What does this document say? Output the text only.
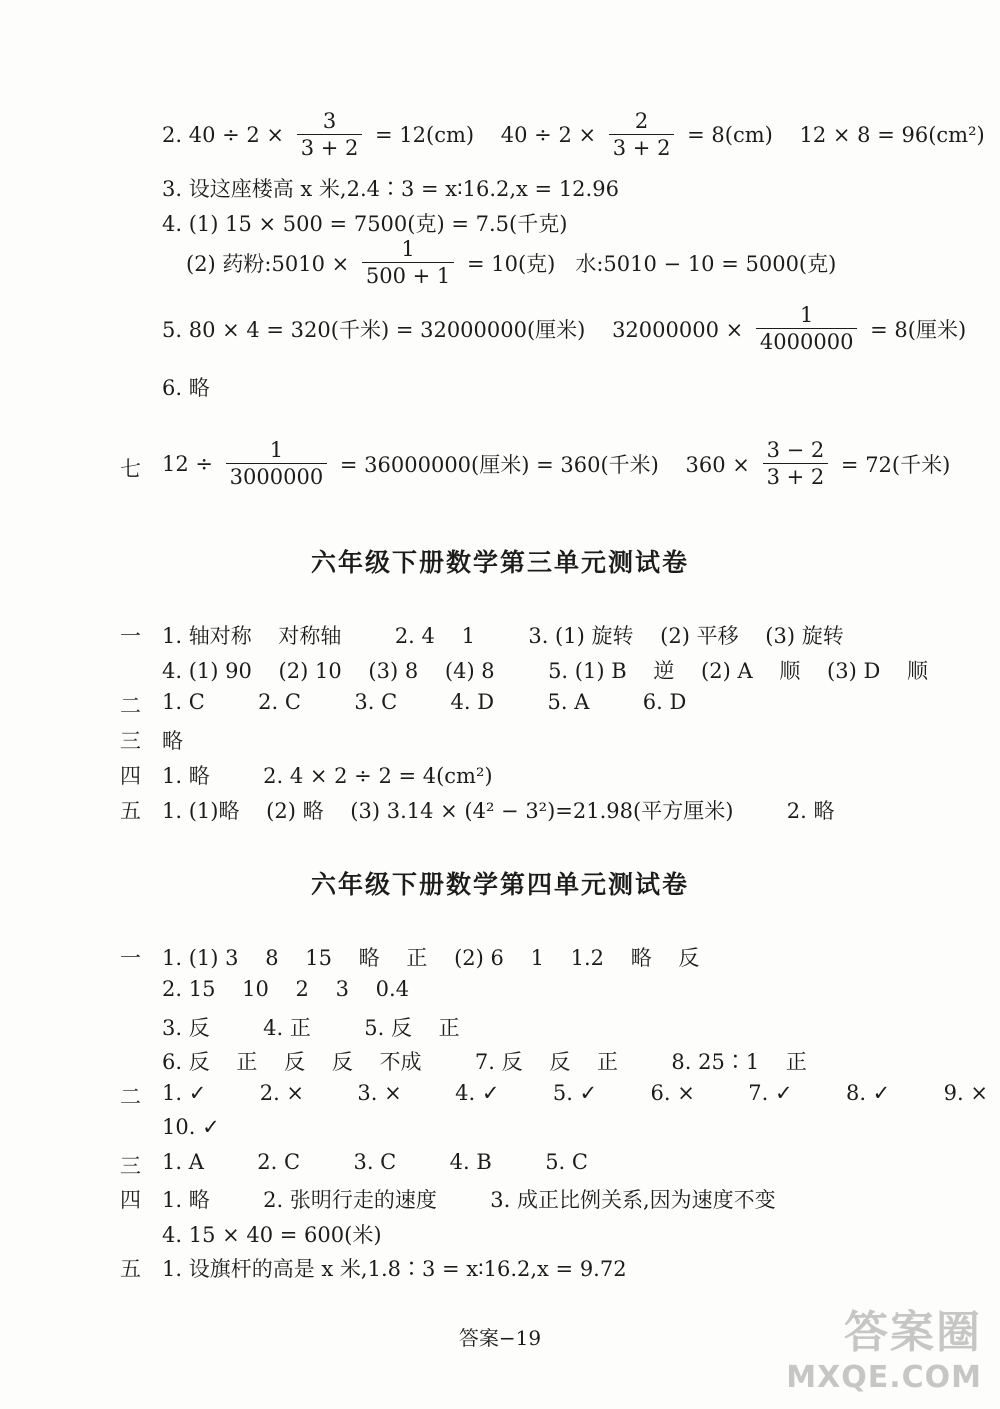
2. $40 \div 2 \times \frac{3}{3 + 2} = 12(cm)$    $40 \div 2 \times \frac{2}{3 + 2} = 8(cm)$    12 × 8 = 96(cm²)
3. 设这座楼高 x 米,2.4∶3 = x∶16.2,x = 12.96
4. (1) 15 × 500 = 7500(克) = 7.5(千克)
(2) 药粉:5010 × $\frac{1}{500 + 1} = 10$(克)   水:5010 − 10 = 5000(克)
5. 80 × 4 = 320(千米) = 32000000(厘米)    $32000000 \times \frac{1}{4000000} = 8$(厘米)
6. 略
七 $12 \div \frac{1}{3000000} = 36000000$(厘米) = 360(千米)    $360 \times \frac{3 - 2}{3 + 2} = 72$(千米)
六年级下册数学第三单元测试卷
一 1. 轴对称    对称轴        2. 4    1        3. (1) 旋转    (2) 平移    (3) 旋转
4. (1) 90    (2) 10    (3) 8    (4) 8        5. (1) B    逆    (2) A    顺    (3) D    顺
二 1. C        2. C        3. C        4. D        5. A        6. D
三 略
四 1. 略        2. 4 × 2 ÷ 2 = 4(cm²)
五 1. (1)略    (2) 略    (3) 3.14 × (4² − 3²)=21.98(平方厘米)        2. 略
六年级下册数学第四单元测试卷
一 1. (1) 3    8    15    略    正    (2) 6    1    1.2    略    反
2. 15    10    2    3    0.4
3. 反        4. 正        5. 反    正
6. 反    正    反    反    不成        7. 反    反    正        8. 25∶1    正
二 1. ✓        2. ×        3. ×        4. ✓        5. ✓        6. ×        7. ✓        8. ✓        9. ×
10. ✓
三 1. A        2. C        3. C        4. B        5. C
四 1. 略        2. 张明行走的速度        3. 成正比例关系,因为速度不变
4. 15 × 40 = 600(米)
五 1. 设旗杆的高是 x 米,1.8∶3 = x∶16.2,x = 9.72
答案−19	答案圈
MXQE.COM
